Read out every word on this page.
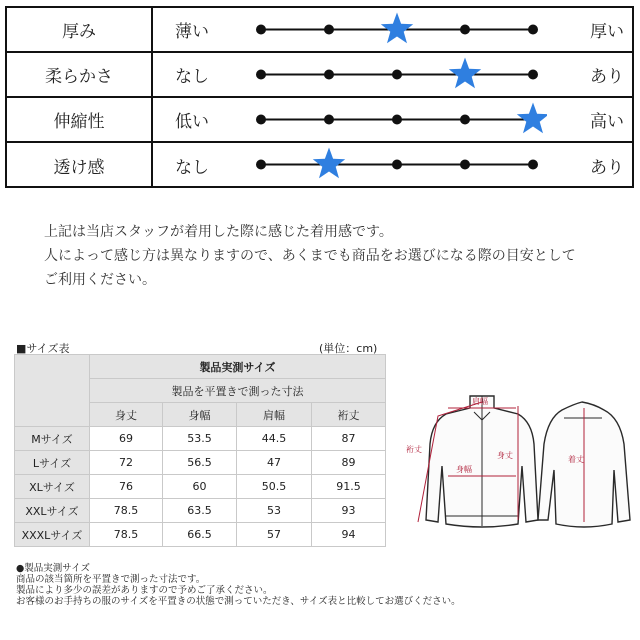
厚み	薄い	厚い
柔らかさ	なし	あり
伸縮性	低い	高い
透け感	なし	あり
上記は当店スタッフが着用した際に感じた着用感です。
人によって感じ方は異なりますので、あくまでも商品をお選びになる際の目安として
ご利用ください。
■サイズ表	(単位：cm)
	製品実測サイズ			
	製品を平置きで測った寸法			
	身丈	身幅	肩幅	裄丈
Mサイズ	69	53.5	44.5	87
Lサイズ	72	56.5	47	89
XLサイズ	76	60	50.5	91.5
XXLサイズ	78.5	63.5	53	93
XXXLサイズ	78.5	66.5	57	94
肩幅
裄丈
身丈
身幅
着丈
●製品実測サイズ
商品の該当箇所を平置きで測った寸法です。
製品により多少の誤差がありますので予めご了承ください。
お客様のお手持ちの服のサイズを平置きの状態で測っていただき、サイズ表と比較してお選びください。
